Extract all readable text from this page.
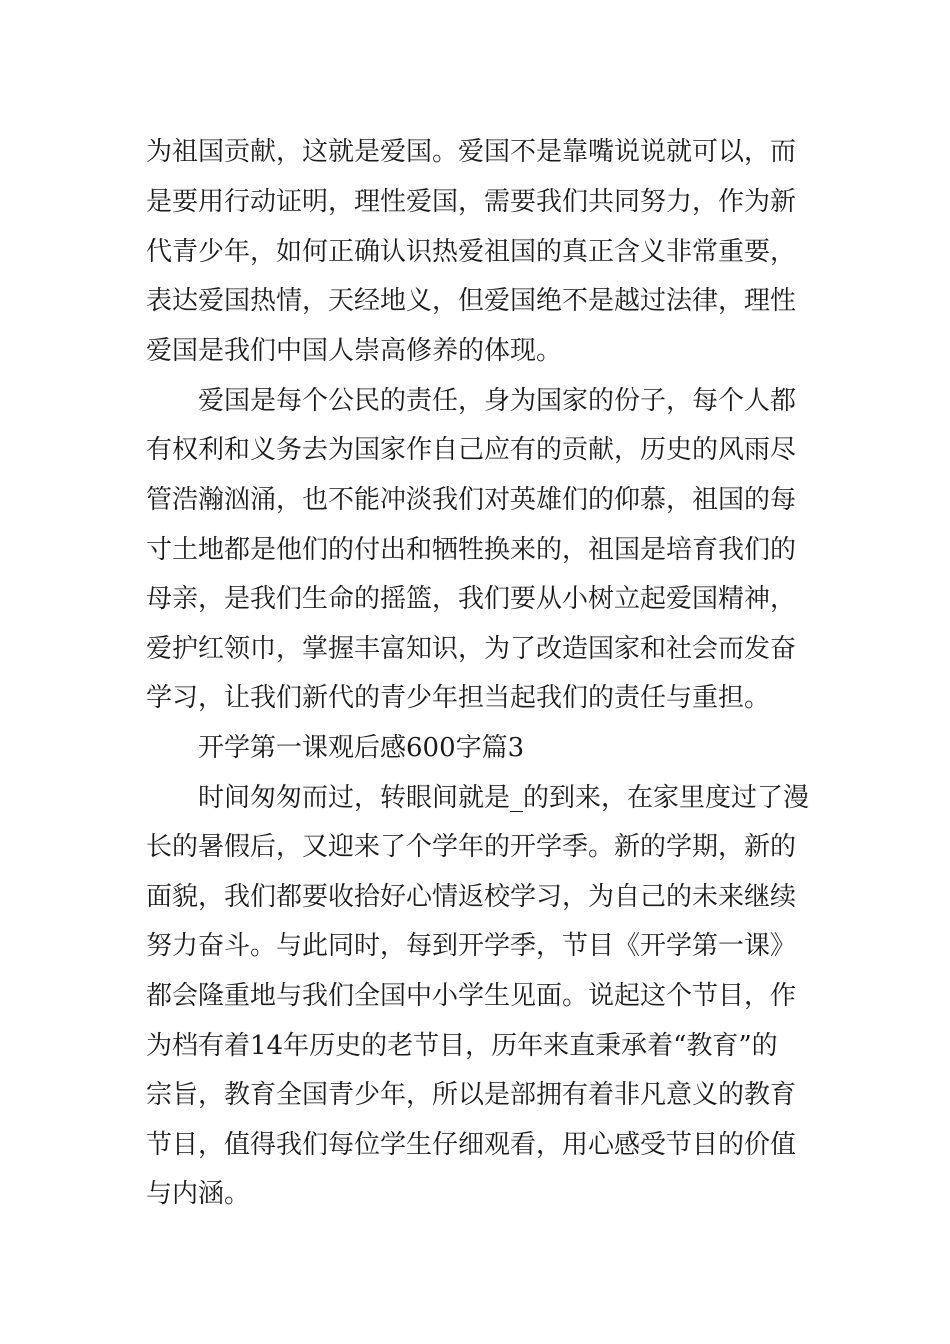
为祖国贡献，这就是爱国。爱国不是靠嘴说说就可以，而

是要用行动证明，理性爱国，需要我们共同努力，作为新

代青少年，如何正确认识热爱祖国的真正含义非常重要，

表达爱国热情，天经地义，但爱国绝不是越过法律，理性

爱国是我们中国人崇高修养的体现。

爱国是每个公民的责任，身为国家的份子，每个人都

有权利和义务去为国家作自己应有的贡献，历史的风雨尽

管浩瀚汹涌，也不能冲淡我们对英雄们的仰慕，祖国的每

寸土地都是他们的付出和牺牲换来的，祖国是培育我们的

母亲，是我们生命的摇篮，我们要从小树立起爱国精神，

爱护红领巾，掌握丰富知识，为了改造国家和社会而发奋

学习，让我们新代的青少年担当起我们的责任与重担。

开学第一课观后感600字篇3

时间匆匆而过，转眼间就是_的到来，在家里度过了漫

长的暑假后，又迎来了个学年的开学季。新的学期，新的

面貌，我们都要收拾好心情返校学习，为自己的未来继续

努力奋斗。与此同时，每到开学季，节目《开学第一课》

都会隆重地与我们全国中小学生见面。说起这个节目，作

为档有着14年历史的老节目，历年来直秉承着“教育”的

宗旨，教育全国青少年，所以是部拥有着非凡意义的教育

节目，值得我们每位学生仔细观看，用心感受节目的价值

与内涵。
